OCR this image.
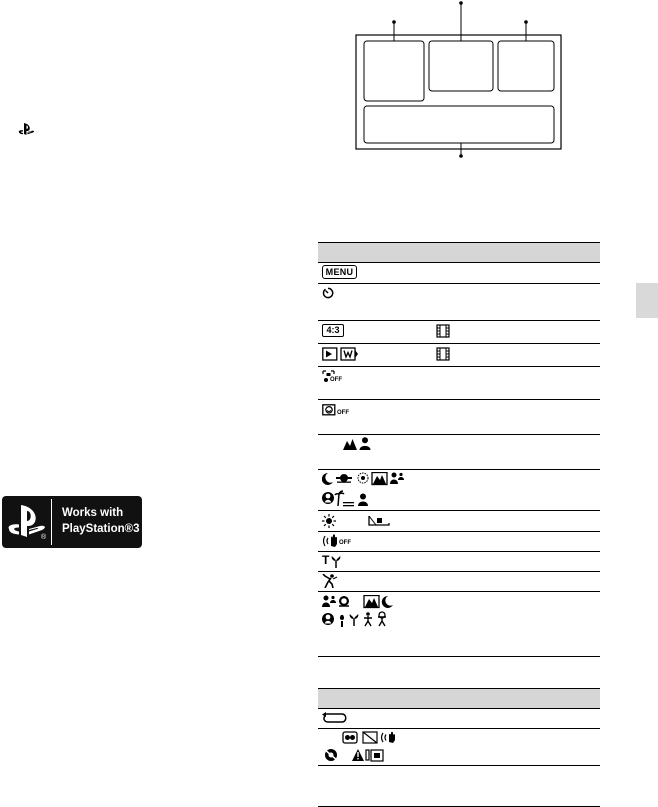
®
Works with
PlayStation®3
MENU
4:3
OFF
OFF
OFF
T
